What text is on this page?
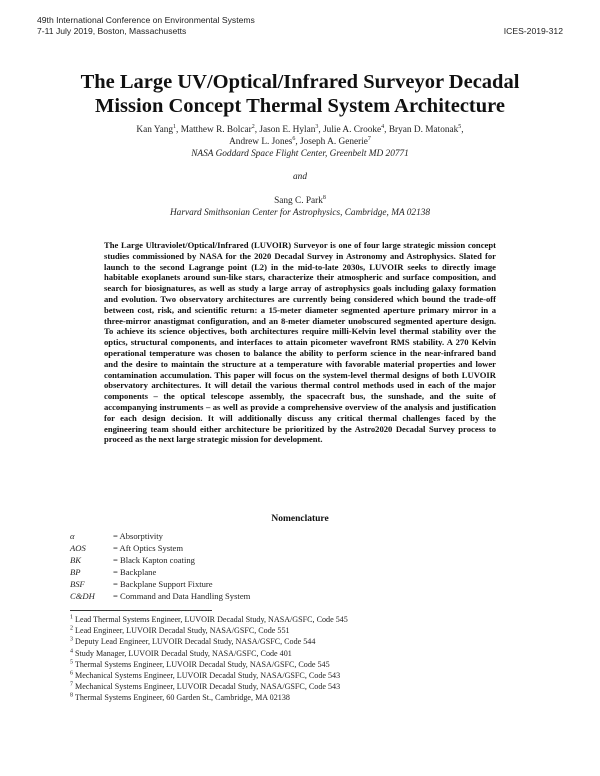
49th International Conference on Environmental Systems
7-11 July 2019, Boston, Massachusetts	ICES-2019-312
The Large UV/Optical/Infrared Surveyor Decadal
Mission Concept Thermal System Architecture
Kan Yang$^1$, Matthew R. Bolcar$^2$, Jason E. Hylan$^3$, Julie A. Crooke$^4$, Bryan D. Matonak$^5$,
Andrew L. Jones$^6$, Joseph A. Generie$^7$
NASA Goddard Space Flight Center, Greenbelt MD 20771
and
Sang C. Park$^8$
Harvard Smithsonian Center for Astrophysics, Cambridge, MA 02138
The Large Ultraviolet/Optical/Infrared (LUVOIR) Surveyor is one of four large strategic mission concept studies commissioned by NASA for the 2020 Decadal Survey in Astronomy and Astrophysics. Slated for launch to the second Lagrange point (L2) in the mid-to-late 2030s, LUVOIR seeks to directly image habitable exoplanets around sun-like stars, characterize their atmospheric and surface composition, and search for biosignatures, as well as study a large array of astrophysics goals including galaxy formation and evolution. Two observatory architectures are currently being considered which bound the trade-off between cost, risk, and scientific return: a 15-meter diameter segmented aperture primary mirror in a three-mirror anastigmat configuration, and an 8-meter diameter unobscured segmented aperture design. To achieve its science objectives, both architectures require milli-Kelvin level thermal stability over the optics, structural components, and interfaces to attain picometer wavefront RMS stability. A 270 Kelvin operational temperature was chosen to balance the ability to perform science in the near-infrared band and the desire to maintain the structure at a temperature with favorable material properties and lower contamination accumulation. This paper will focus on the system-level thermal designs of both LUVOIR observatory architectures. It will detail the various thermal control methods used in each of the major components – the optical telescope assembly, the spacecraft bus, the sunshade, and the suite of accompanying instruments – as well as provide a comprehensive overview of the analysis and justification for each design decision. It will additionally discuss any critical thermal challenges faced by the engineering team should either architecture be prioritized by the Astro2020 Decadal Survey process to proceed as the next large strategic mission for development.
Nomenclature
α	= Absorptivity
AOS	= Aft Optics System
BK	= Black Kapton coating
BP	= Backplane
BSF	= Backplane Support Fixture
C&DH	= Command and Data Handling System
$^1$ Lead Thermal Systems Engineer, LUVOIR Decadal Study, NASA/GSFC, Code 545
$^2$ Lead Engineer, LUVOIR Decadal Study, NASA/GSFC, Code 551
$^3$ Deputy Lead Engineer, LUVOIR Decadal Study, NASA/GSFC, Code 544
$^4$ Study Manager, LUVOIR Decadal Study, NASA/GSFC, Code 401
$^5$ Thermal Systems Engineer, LUVOIR Decadal Study, NASA/GSFC, Code 545
$^6$ Mechanical Systems Engineer, LUVOIR Decadal Study, NASA/GSFC, Code 543
$^7$ Mechanical Systems Engineer, LUVOIR Decadal Study, NASA/GSFC, Code 543
$^8$ Thermal Systems Engineer, 60 Garden St., Cambridge, MA 02138
